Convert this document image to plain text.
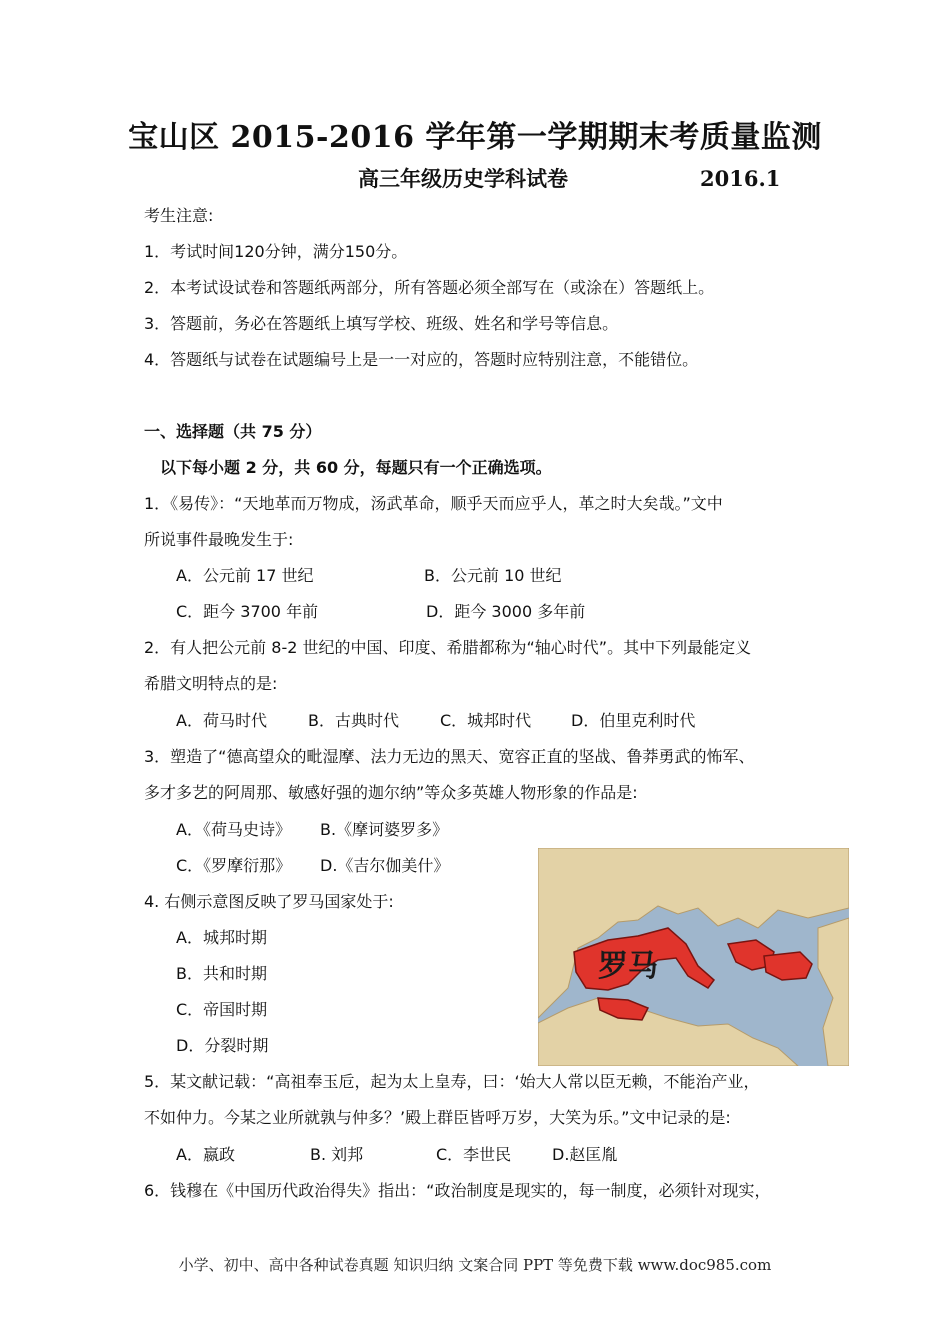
宝山区 2015-2016 学年第一学期期末考质量监测
高三年级历史学科试卷	2016.1
考生注意:
1．考试时间120分钟，满分150分。
2．本考试设试卷和答题纸两部分，所有答题必须全部写在（或涂在）答题纸上。
3．答题前，务必在答题纸上填写学校、班级、姓名和学号等信息。
4．答题纸与试卷在试题编号上是一一对应的，答题时应特别注意，不能错位。
一、选择题（共 75 分）
以下每小题 2 分，共 60 分，每题只有一个正确选项。
1．《易传》：“天地革而万物成，汤武革命，顺乎天而应乎人，革之时大矣哉。”文中
所说事件最晚发生于:
A．公元前 17 世纪	B．公元前 10 世纪
C．距今 3700 年前	D．距今 3000 多年前
2．有人把公元前 8-2 世纪的中国、印度、希腊都称为“轴心时代”。其中下列最能定义
希腊文明特点的是:
A．荷马时代	B．古典时代	C．城邦时代 D．伯里克利时代
3．塑造了“德高望众的毗湿摩、法力无边的黑天、宽容正直的坚战、鲁莽勇武的怖军、
多才多艺的阿周那、敏感好强的迦尔纳”等众多英雄人物形象的作品是:
A．《荷马史诗》 B.《摩诃婆罗多》
C．《罗摩衍那》 D.《吉尔伽美什》
4. 右侧示意图反映了罗马国家处于:
A．城邦时期
B．共和时期
C．帝国时期
D．分裂时期
罗马
5．某文献记载：“高祖奉玉卮，起为太上皇寿，曰：‘始大人常以臣无赖，不能治产业，
不如仲力。今某之业所就孰与仲多？’殿上群臣皆呼万岁，大笑为乐。”文中记录的是:
A．嬴政	B. 刘邦	C．李世民	D.赵匡胤
6．钱穆在《中国历代政治得失》指出：“政治制度是现实的，每一制度，必须针对现实，
小学、初中、高中各种试卷真题 知识归纳 文案合同 PPT 等免费下载 www.doc985.com
